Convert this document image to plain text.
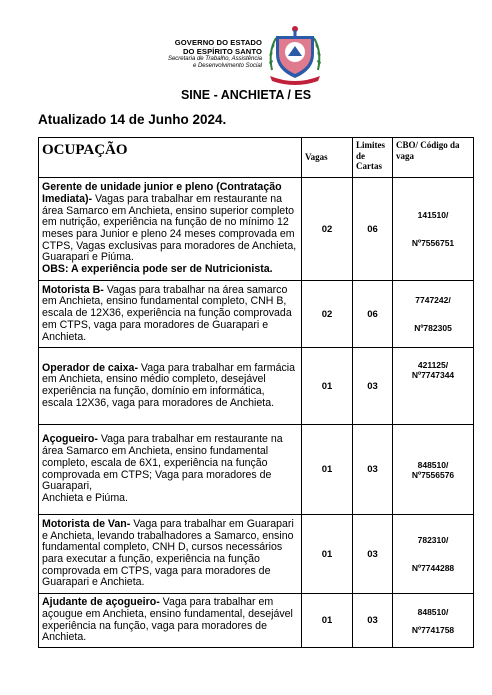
GOVERNO DO ESTADO
DO ESPÍRITO SANTO
Secretaria de Trabalho, Assistência
e Desenvolvimento Social
SINE - ANCHIETA / ES
Atualizado 14 de Junho 2024.
OCUPAÇÃO	Vagas	Limites de Cartas	CBO/ Código da vaga
Gerente de unidade junior e pleno (Contratação Imediata)- Vagas para trabalhar em restaurante na área Samarco em Anchieta, ensino superior completo em nutrição, experiência na função de no mínimo 12 meses para Junior e pleno 24 meses comprovada em CTPS, Vagas exclusivas para moradores de Anchieta, Guarapari e Piúma.
OBS: A experiência pode ser de Nutricionista.	02	06	141510/
Nº7556751

Motorista B- Vagas para trabalhar na área samarco em Anchieta, ensino fundamental completo, CNH B, escala de 12X36, experiência na função comprovada em CTPS, vaga para moradores de Guarapari e Anchieta.	02	06	7747242/
Nº782305

Operador de caixa- Vaga para trabalhar em farmácia em Anchieta, ensino médio completo, desejável experiência na função, domínio em informática, escala 12X36, vaga para moradores de Anchieta.	01	03	421125/
Nº7747344

Açogueiro- Vaga para trabalhar em restaurante na área Samarco em Anchieta, ensino fundamental completo, escala de 6X1, experiência na função comprovada em CTPS; Vaga para moradores de Guarapari,
Anchieta e Piúma.	01	03	848510/
Nº7556576

Motorista de Van- Vaga para trabalhar em Guarapari e Anchieta, levando trabalhadores a Samarco, ensino fundamental completo, CNH D, cursos necessários para executar a função, experiência na função comprovada em CTPS, vaga para moradores de Guarapari e Anchieta.	01	03	782310/
Nº7744288

Ajudante de açogueiro- Vaga para trabalhar em açougue em Anchieta, ensino fundamental, desejável experiência na função, vaga para moradores de Anchieta.	01	03	848510/
Nº7741758
